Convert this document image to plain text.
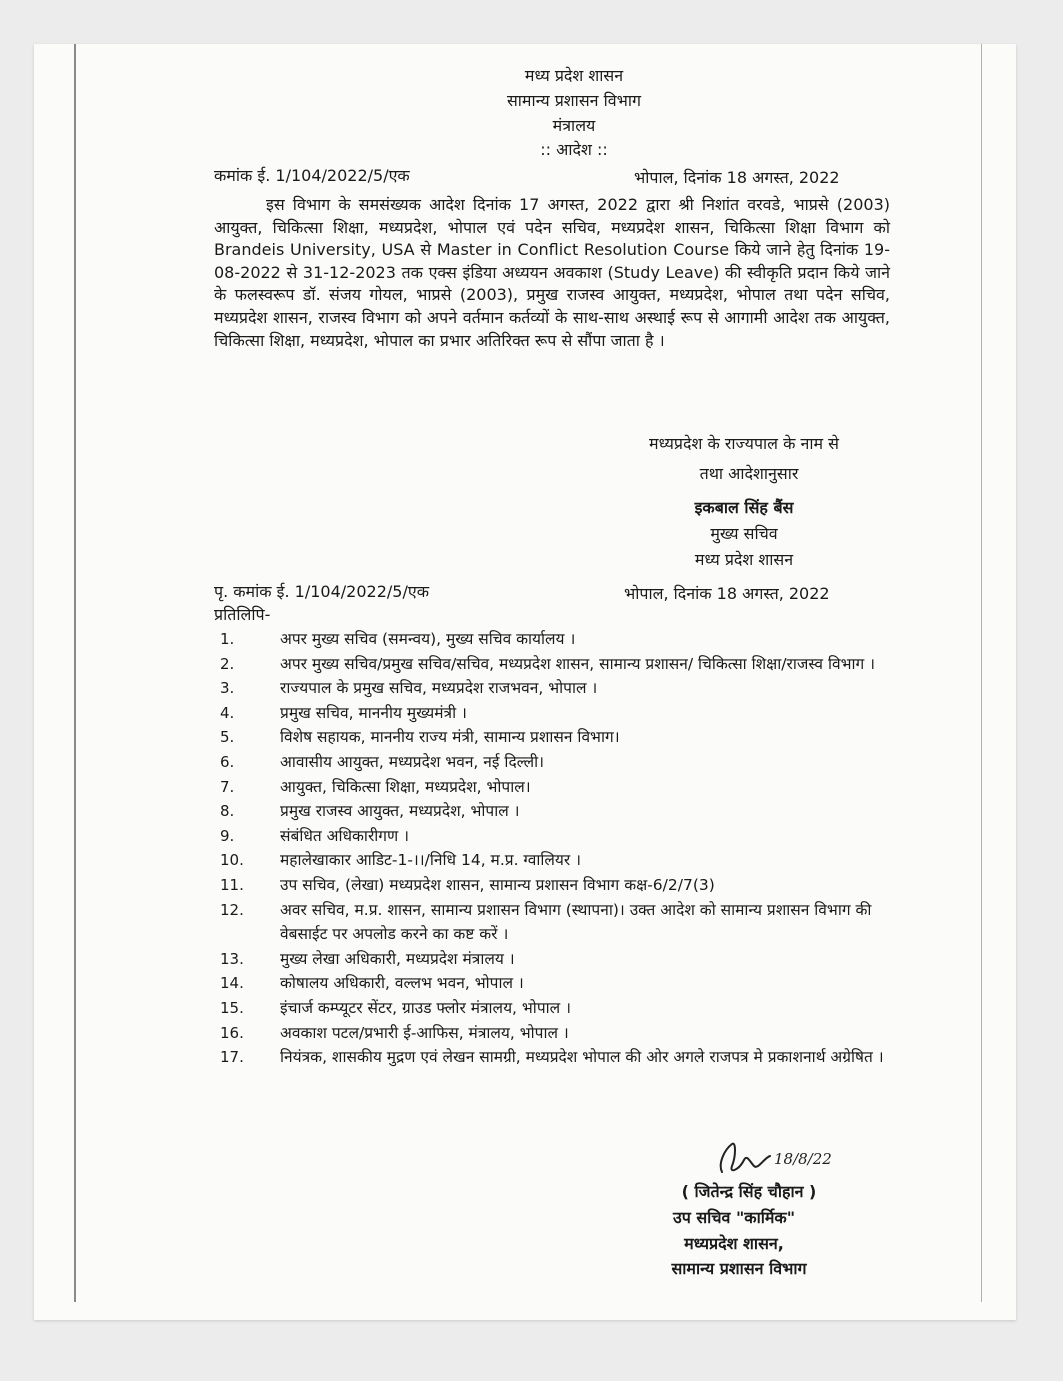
मध्य प्रदेश शासन
सामान्य प्रशासन विभाग
मंत्रालय
:: आदेश ::
कमांक ई. 1/104/2022/5/एक	भोपाल, दिनांक 18 अगस्त, 2022

इस विभाग के समसंख्यक आदेश दिनांक 17 अगस्त, 2022 द्वारा श्री निशांत वरवडे, भाप्रसे (2003) आयुक्त, चिकित्सा शिक्षा, मध्यप्रदेश, भोपाल एवं पदेन सचिव, मध्यप्रदेश शासन, चिकित्सा शिक्षा विभाग को Brandeis University, USA से Master in Conflict Resolution Course किये जाने हेतु दिनांक 19-08-2022 से 31-12-2023 तक एक्स इंडिया अध्ययन अवकाश (Study Leave) की स्वीकृति प्रदान किये जाने के फलस्वरूप डॉ. संजय गोयल, भाप्रसे (2003), प्रमुख राजस्व आयुक्त, मध्यप्रदेश, भोपाल तथा पदेन सचिव, मध्यप्रदेश शासन, राजस्व विभाग को अपने वर्तमान कर्तव्यों के साथ-साथ अस्थाई रूप से आगामी आदेश तक आयुक्त, चिकित्सा शिक्षा, मध्यप्रदेश, भोपाल का प्रभार अतिरिक्त रूप से सौंपा जाता है ।

मध्यप्रदेश के राज्यपाल के नाम से
तथा आदेशानुसार
इकबाल सिंह बैंस
मुख्य सचिव
मध्य प्रदेश शासन
पृ. कमांक ई. 1/104/2022/5/एक	भोपाल, दिनांक 18 अगस्त, 2022
प्रतिलिपि-
1.	अपर मुख्य सचिव (समन्वय), मुख्य सचिव कार्यालय ।
2.	अपर मुख्य सचिव/प्रमुख सचिव/सचिव, मध्यप्रदेश शासन, सामान्य प्रशासन/ चिकित्सा शिक्षा/राजस्व विभाग ।
3.	राज्यपाल के प्रमुख सचिव, मध्यप्रदेश राजभवन, भोपाल ।
4.	प्रमुख सचिव, माननीय मुख्यमंत्री ।
5.	विशेष सहायक, माननीय राज्य मंत्री, सामान्य प्रशासन विभाग।
6.	आवासीय आयुक्त, मध्यप्रदेश भवन, नई दिल्ली।
7.	आयुक्त, चिकित्सा शिक्षा, मध्यप्रदेश, भोपाल।
8.	प्रमुख राजस्व आयुक्त, मध्यप्रदेश, भोपाल ।
9.	संबंधित अधिकारीगण ।
10.	महालेखाकार आडिट-1-।।/निधि 14, म.प्र. ग्वालियर ।
11.	उप सचिव, (लेखा) मध्यप्रदेश शासन, सामान्य प्रशासन विभाग कक्ष-6/2/7(3)
12.	अवर सचिव, म.प्र. शासन, सामान्य प्रशासन विभाग (स्थापना)। उक्त आदेश को सामान्य प्रशासन विभाग की वेबसाईट पर अपलोड करने का कष्ट करें ।
13.	मुख्य लेखा अधिकारी, मध्यप्रदेश मंत्रालय ।
14.	कोषालय अधिकारी, वल्लभ भवन, भोपाल ।
15.	इंचार्ज कम्प्यूटर सेंटर, ग्राउड फ्लोर मंत्रालय, भोपाल ।
16.	अवकाश पटल/प्रभारी ई-आफिस, मंत्रालय, भोपाल ।
17.	नियंत्रक, शासकीय मुद्रण एवं लेखन सामग्री, मध्यप्रदेश भोपाल की ओर अगले राजपत्र मे प्रकाशनार्थ अग्रेषित ।
18/8/22
( जितेन्द्र सिंह चौहान )
उप सचिव "कार्मिक"
मध्यप्रदेश शासन,
सामान्य प्रशासन विभाग
